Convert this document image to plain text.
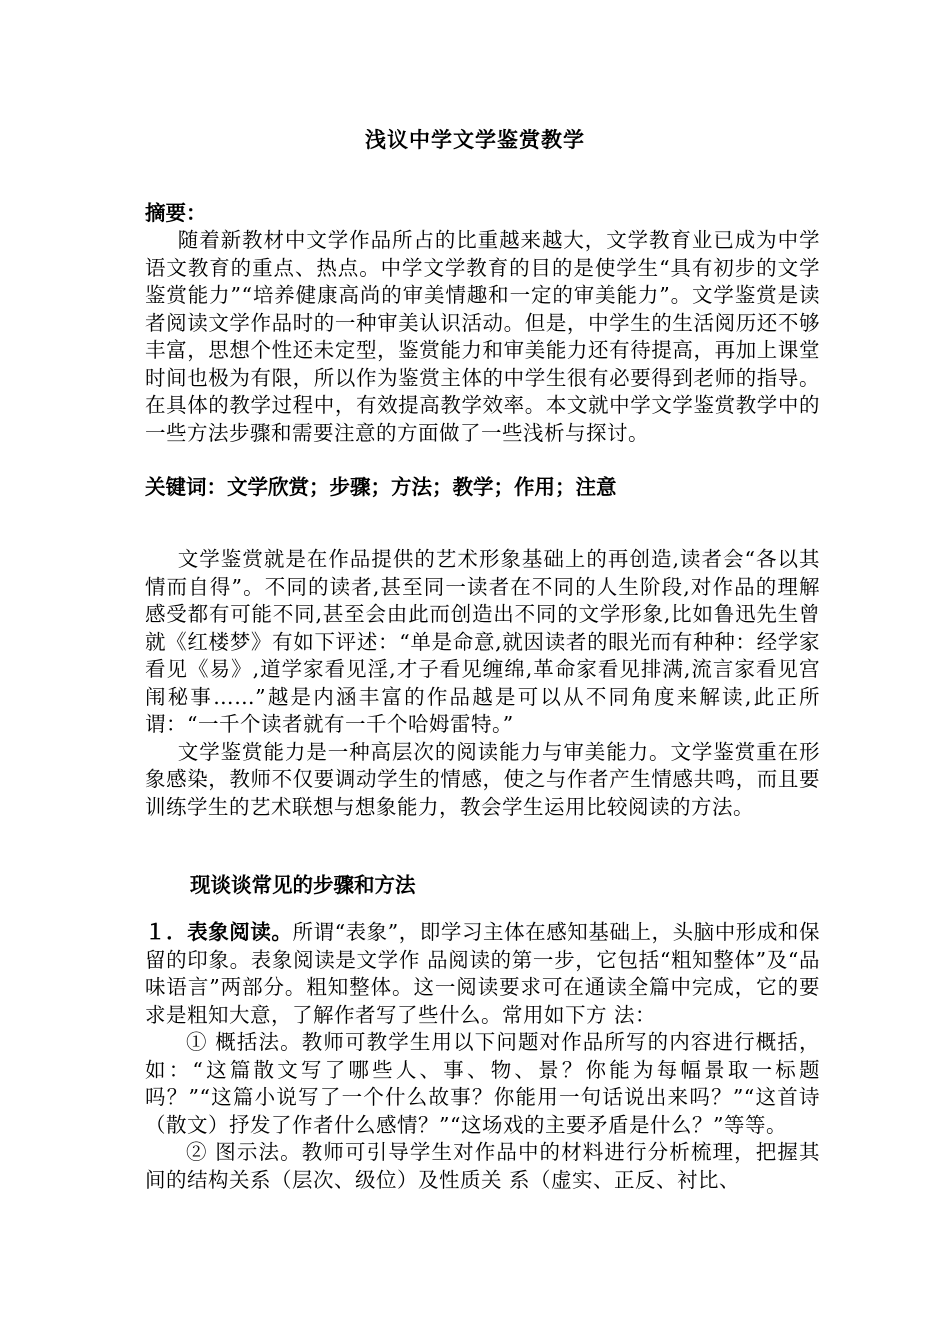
浅议中学文学鉴赏教学
摘要：

随着新教材中文学作品所占的比重越来越大，文学教育业已成为中学语文教育的重点、热点。中学文学教育的目的是使学生“具有初步的文学鉴赏能力”“培养健康高尚的审美情趣和一定的审美能力”。文学鉴赏是读者阅读文学作品时的一种审美认识活动。但是，中学生的生活阅历还不够丰富，思想个性还未定型，鉴赏能力和审美能力还有待提高，再加上课堂时间也极为有限，所以作为鉴赏主体的中学生很有必要得到老师的指导。在具体的教学过程中，有效提高教学效率。本文就中学文学鉴赏教学中的一些方法步骤和需要注意的方面做了一些浅析与探讨。

关键词：文学欣赏；步骤；方法；教学；作用；注意

文学鉴赏就是在作品提供的艺术形象基础上的再创造,读者会“各以其情而自得”。不同的读者,甚至同一读者在不同的人生阶段,对作品的理解感受都有可能不同,甚至会由此而创造出不同的文学形象,比如鲁迅先生曾就《红楼梦》有如下评述：“单是命意,就因读者的眼光而有种种：经学家看见《易》,道学家看见淫,才子看见缠绵,革命家看见排满,流言家看见宫闱秘事……”越是内涵丰富的作品越是可以从不同角度来解读,此正所谓：“一千个读者就有一千个哈姆雷特。”

文学鉴赏能力是一种高层次的阅读能力与审美能力。文学鉴赏重在形象感染，教师不仅要调动学生的情感，使之与作者产生情感共鸣，而且要训练学生的艺术联想与想象能力，教会学生运用比较阅读的方法。

现谈谈常见的步骤和方法

１．表象阅读。所谓“表象”，即学习主体在感知基础上，头脑中形成和保留的印象。表象阅读是文学作 品阅读的第一步，它包括“粗知整体”及“品味语言”两部分。粗知整体。这一阅读要求可在通读全篇中完成，它的要求是粗知大意，了解作者写了些什么。常用如下方 法：

① 概括法。教师可教学生用以下问题对作品所写的内容进行概括，如：“这篇散文写了哪些人、事、物、景？你能为每幅景取一标题吗？”“这篇小说写了一个什么故事？你能用一句话说出来吗？”“这首诗（散文）抒发了作者什么感情？”“这场戏的主要矛盾是什么？”等等。

② 图示法。教师可引导学生对作品中的材料进行分析梳理，把握其间的结构关系（层次、级位）及性质关 系（虚实、正反、衬比、
